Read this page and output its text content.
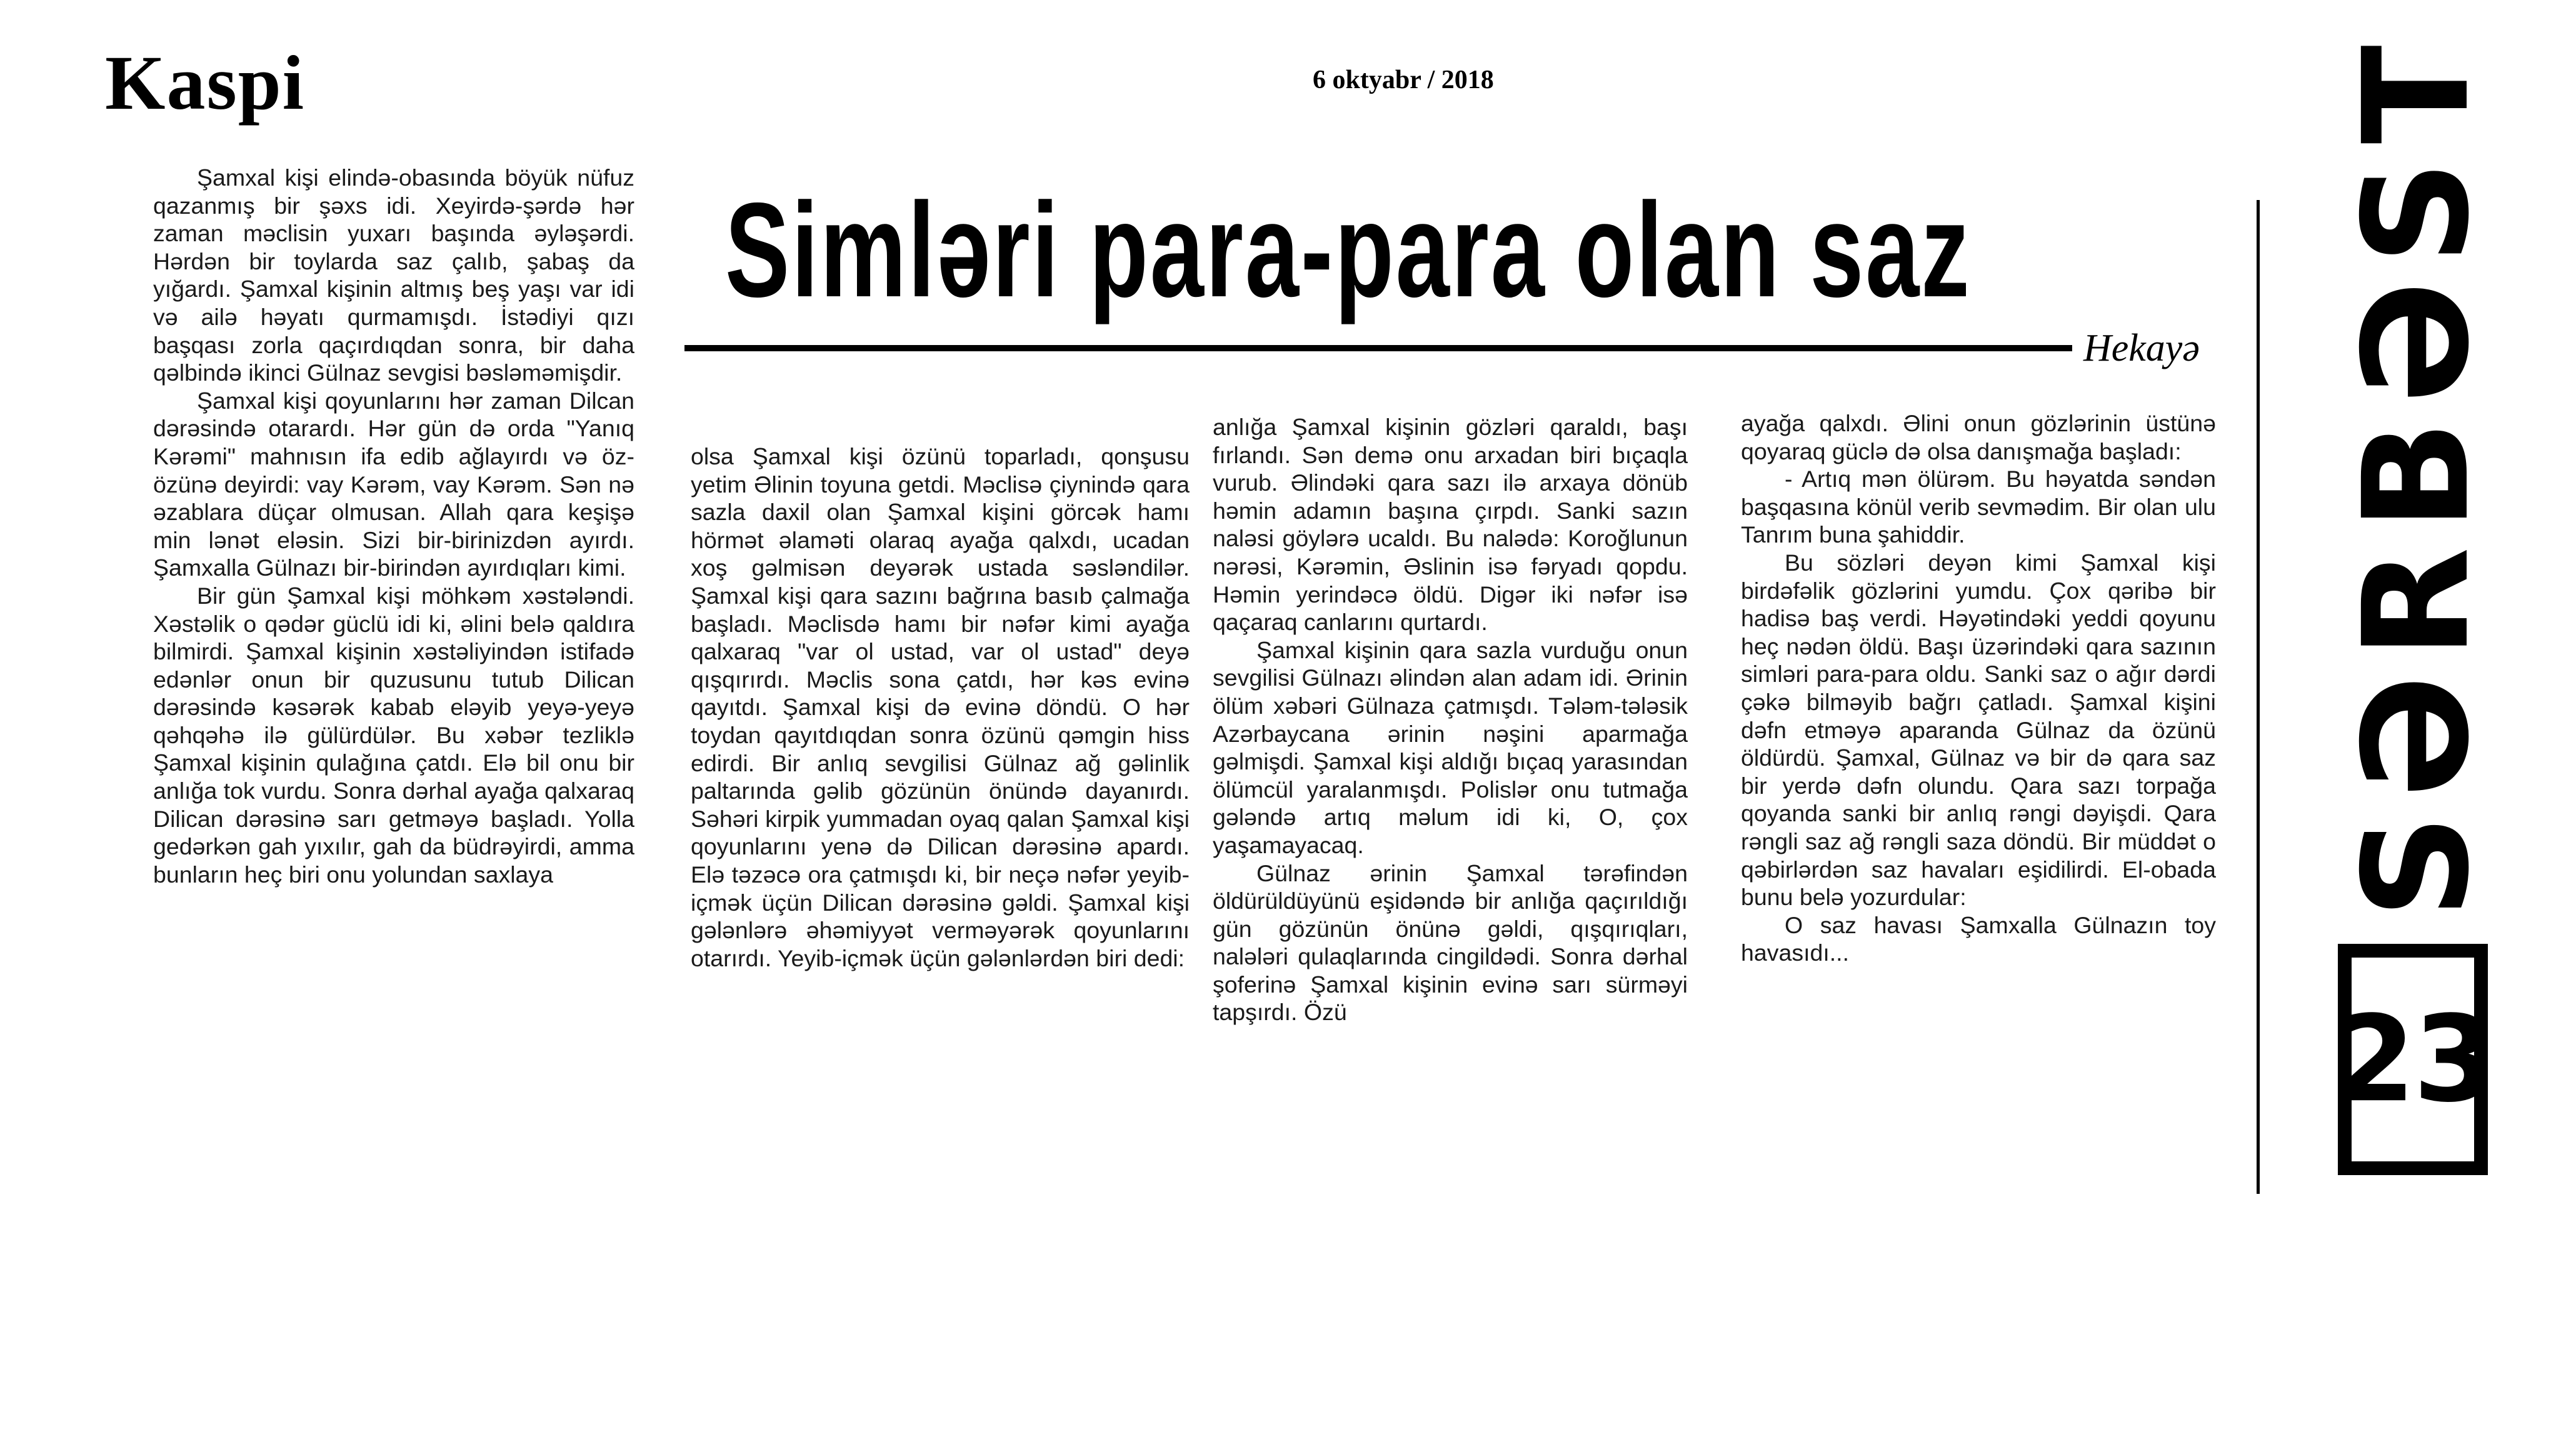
Kaspi	6 oktyabr / 2018
Simləri para-para olan saz
Hekayə

Şamxal kişi elində-obasında böyük nüfuz qazanmış bir şəxs idi. Xeyirdə-şərdə hər zaman məclisin yuxarı başında əyləşərdi. Hərdən bir toylarda saz çalıb, şabaş da yığardı. Şamxal kişinin altmış beş yaşı var idi və ailə həyatı qurmamışdı. İstədiyi qızı başqası zorla qaçırdıqdan sonra, bir daha qəlbində ikinci Gülnaz sevgisi bəsləməmişdir.

Şamxal kişi qoyunlarını hər zaman Dilcan dərəsində otarardı. Hər gün də orda "Yanıq Kərəmi" mahnısın ifa edib ağlayırdı və öz-özünə deyirdi: vay Kərəm, vay Kərəm. Sən nə əzablara düçar olmusan. Allah qara keşişə min lənət eləsin. Sizi bir-birinizdən ayırdı. Şamxalla Gülnazı bir-birindən ayırdıqları kimi.

Bir gün Şamxal kişi möhkəm xəstələndi. Xəstəlik o qədər güclü idi ki, əlini belə qaldıra bilmirdi. Şamxal kişinin xəstəliyindən istifadə edənlər onun bir quzusunu tutub Dilican dərəsində kəsərək kabab eləyib yeyə-yeyə qəhqəhə ilə gülürdülər. Bu xəbər tezliklə Şamxal kişinin qulağına çatdı. Elə bil onu bir anlığa tok vurdu. Sonra dərhal ayağa qalxaraq Dilican dərəsinə sarı getməyə başladı. Yolla gedərkən gah yıxılır, gah da büdrəyirdi, amma bunların heç biri onu yolundan saxlaya

olsa Şamxal kişi özünü toparladı, qonşusu yetim Əlinin toyuna getdi. Məclisə çiynində qara sazla daxil olan Şamxal kişini görcək hamı hörmət əlaməti olaraq ayağa qalxdı, ucadan xoş gəlmisən deyərək ustada səsləndilər. Şamxal kişi qara sazını bağrına basıb çalmağa başladı. Məclisdə hamı bir nəfər kimi ayağa qalxaraq "var ol ustad, var ol ustad" deyə qışqırırdı. Məclis sona çatdı, hər kəs evinə qayıtdı. Şamxal kişi də evinə döndü. O hər toydan qayıtdıqdan sonra özünü qəmgin hiss edirdi. Bir anlıq sevgilisi Gülnaz ağ gəlinlik paltarında gəlib gözünün önündə dayanırdı. Səhəri kirpik yummadan oyaq qalan Şamxal kişi qoyunlarını yenə də Dilican dərəsinə apardı. Elə təzəcə ora çatmışdı ki, bir neçə nəfər yeyib-içmək üçün Dilican dərəsinə gəldi. Şamxal kişi gələnlərə əhəmiyyət verməyərək qoyunlarını otarırdı. Yeyib-içmək üçün gələnlərdən biri dedi:

anlığa Şamxal kişinin gözləri qaraldı, başı fırlandı. Sən demə onu arxadan biri bıçaqla vurub. Əlindəki qara sazı ilə arxaya dönüb həmin adamın başına çırpdı. Sanki sazın naləsi göylərə ucaldı. Bu nalədə: Koroğlunun nərəsi, Kərəmin, Əslinin isə fəryadı qopdu. Həmin yerindəcə öldü. Digər iki nəfər isə qaçaraq canlarını qurtardı.

Şamxal kişinin qara sazla vurduğu onun sevgilisi Gülnazı əlindən alan adam idi. Ərinin ölüm xəbəri Gülnaza çatmışdı. Tələm-tələsik Azərbaycana ərinin nəşini aparmağa gəlmişdi. Şamxal kişi aldığı bıçaq yarasından ölümcül yaralanmışdı. Polislər onu tutmağa gələndə artıq məlum idi ki, O, çox yaşamayacaq.

Gülnaz ərinin Şamxal tərəfindən öldürüldüyünü eşidəndə bir anlığa qaçırıldığı gün gözünün önünə gəldi, qışqırıqları, nalələri qulaqlarında cingildədi. Sonra dərhal şoferinə Şamxal kişinin evinə sarı sürməyi tapşırdı. Özü

ayağa qalxdı. Əlini onun gözlərinin üstünə qoyaraq güclə də olsa danışmağa başladı:

- Artıq mən ölürəm. Bu həyatda səndən başqasına könül verib sevmədim. Bir olan ulu Tanrım buna şahiddir.

Bu sözləri deyən kimi Şamxal kişi birdəfəlik gözlərini yumdu. Çox qəribə bir hadisə baş verdi. Həyətindəki yeddi qoyunu heç nədən öldü. Başı üzərindəki qara sazının simləri para-para oldu. Sanki saz o ağır dərdi çəkə bilməyib bağrı çatladı. Şamxal kişini dəfn etməyə aparanda Gülnaz da özünü öldürdü. Şamxal, Gülnaz və bir də qara saz bir yerdə dəfn olundu. Qara sazı torpağa qoyanda sanki bir anlıq rəngi dəyişdi. Qara rəngli saz ağ rəngli saza döndü. Bir müddət o qəbirlərdən saz havaları eşidilirdi. El-obada bunu belə yozurdular:

O saz havası Şamxalla Gülnazın toy havasıdı...

23
SƏRBƏST
